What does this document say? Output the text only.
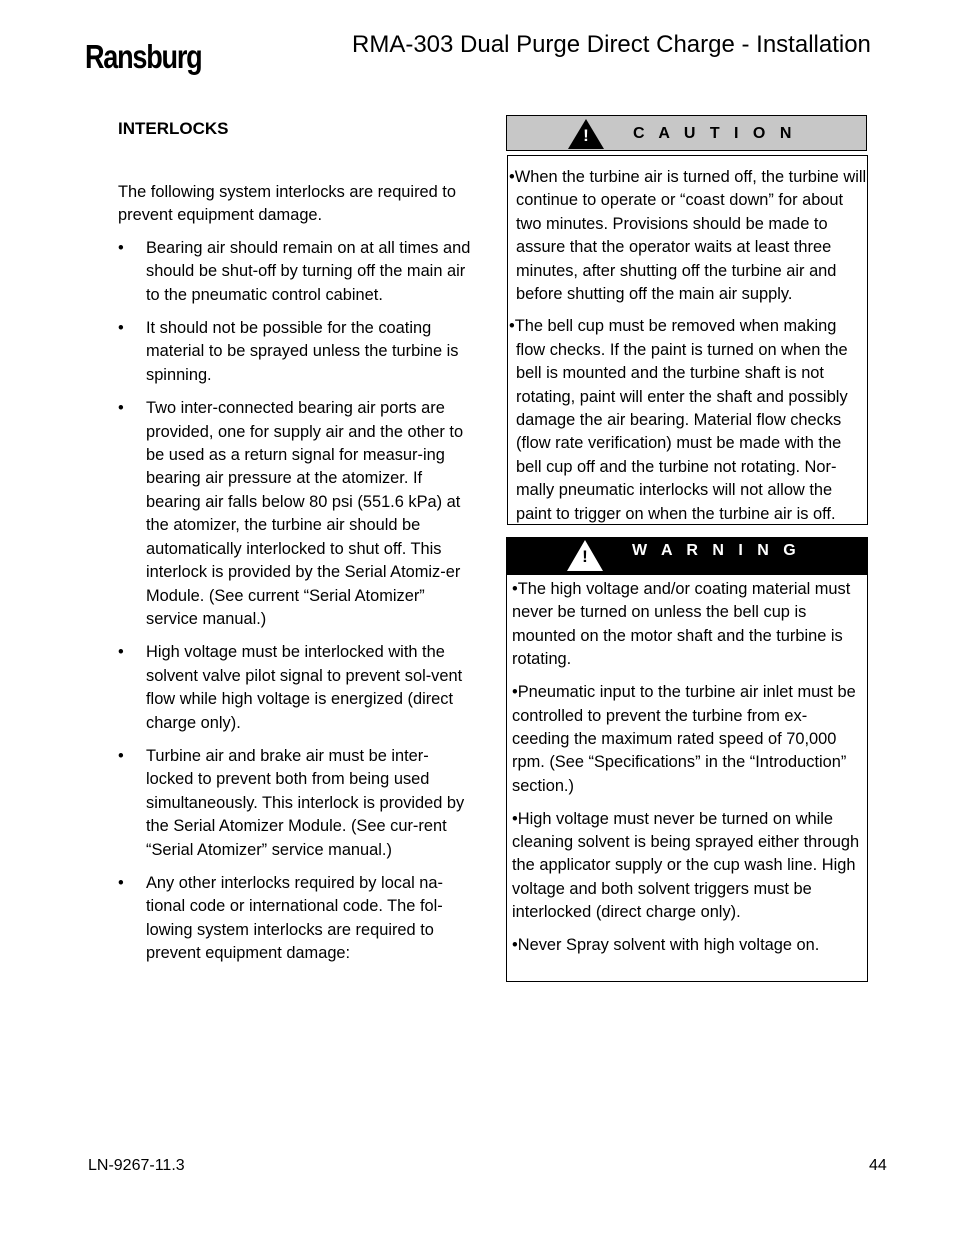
Ransburg	RMA-303 Dual Purge Direct Charge - Installation
INTERLOCKS

The following system interlocks are required to prevent equipment damage.

• Bearing air should remain on at all times and should be shut-off by turning off the main air to the pneumatic control cabinet.
• It should not be possible for the coating material to be sprayed unless the turbine is spinning.
• Two inter-connected bearing air ports are provided, one for supply air and the other to be used as a return signal for measur-ing bearing air pressure at the atomizer. If bearing air falls below 80 psi (551.6 kPa) at the atomizer, the turbine air should be automatically interlocked to shut off. This interlock is provided by the Serial Atomiz-er Module. (See current “Serial Atomizer” service manual.)
• High voltage must be interlocked with the solvent valve pilot signal to prevent sol-vent flow while high voltage is energized (direct charge only).
• Turbine air and brake air must be inter-locked to prevent both from being used simultaneously. This interlock is provided by the Serial Atomizer Module. (See cur-rent “Serial Atomizer” service manual.)
• Any other interlocks required by local na-tional code or international code. The fol-lowing system interlocks are required to prevent equipment damage:
!	C A U T I O N
•When the turbine air is turned off, the turbine will continue to operate or “coast down” for about two minutes. Provisions should be made to assure that the operator waits at least three minutes, after shutting off the turbine air and before shutting off the main air supply.
•The bell cup must be removed when making flow checks. If the paint is turned on when the bell is mounted and the turbine shaft is not rotating, paint will enter the shaft and possibly damage the air bearing. Material flow checks (flow rate verification) must be made with the bell cup off and the turbine not rotating. Nor-mally pneumatic interlocks will not allow the paint to trigger on when the turbine air is off.
!	W A R N I N G
•The high voltage and/or coating material must never be turned on unless the bell cup is mounted on the motor shaft and the turbine is rotating.
•Pneumatic input to the turbine air inlet must be controlled to prevent the turbine from ex-ceeding the maximum rated speed of 70,000 rpm. (See “Specifications” in the “Introduction” section.)
•High voltage must never be turned on while cleaning solvent is being sprayed either through the applicator supply or the cup wash line. High voltage and both solvent triggers must be interlocked (direct charge only).
•Never Spray solvent with high voltage on.
LN-9267-11.3	44
